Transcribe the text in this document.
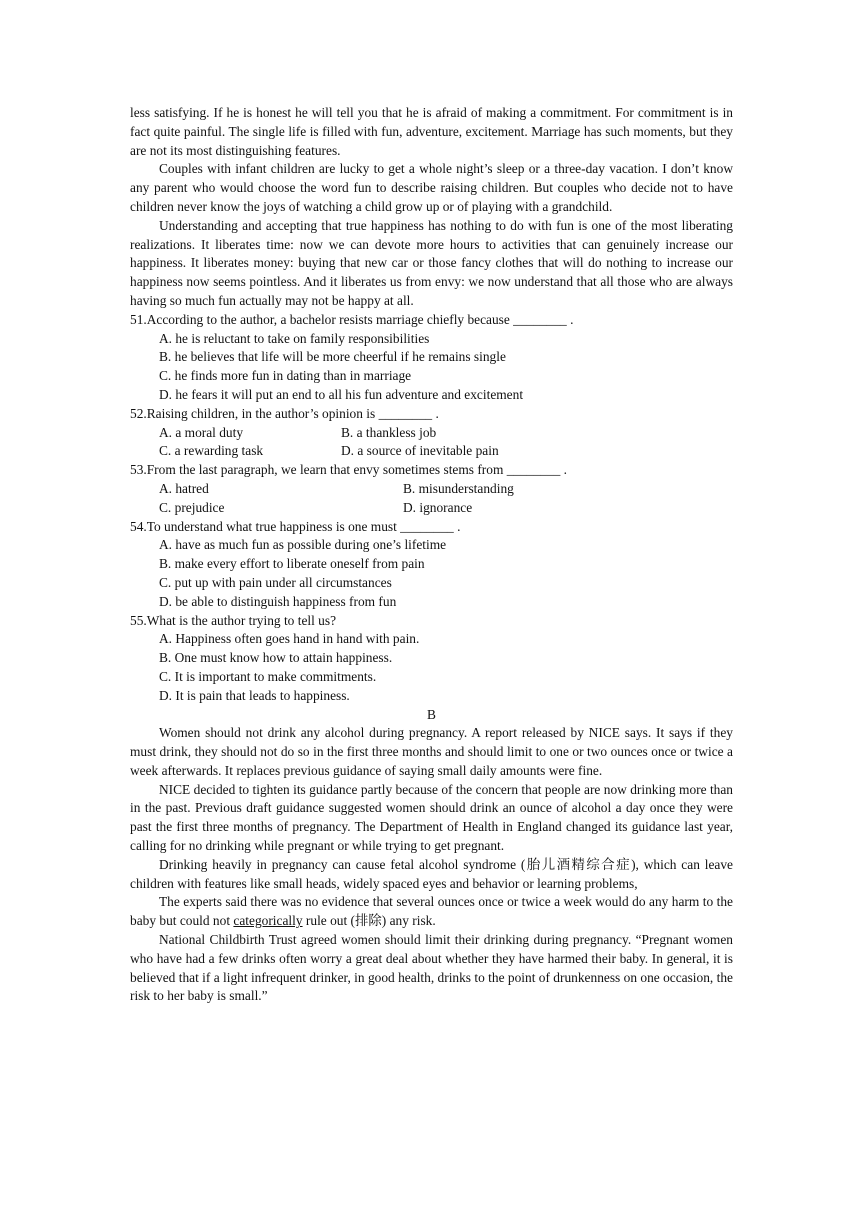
less satisfying. If he is honest he will tell you that he is afraid of making a commitment. For commitment is in fact quite painful. The single life is filled with fun, adventure, excitement. Marriage has such moments, but they are not its most distinguishing features.

Couples with infant children are lucky to get a whole night’s sleep or a three-day vacation. I don’t know any parent who would choose the word fun to describe raising children. But couples who decide not to have children never know the joys of watching a child grow up or of playing with a grandchild.

Understanding and accepting that true happiness has nothing to do with fun is one of the most liberating realizations. It liberates time: now we can devote more hours to activities that can genuinely increase our happiness. It liberates money: buying that new car or those fancy clothes that will do nothing to increase our happiness now seems pointless. And it liberates us from envy: we now understand that all those who are always having so much fun actually may not be happy at all.

51.According to the author, a bachelor resists marriage chiefly because ________ .

A. he is reluctant to take on family responsibilities

B. he believes that life will be more cheerful if he remains single

C. he finds more fun in dating than in marriage

D. he fears it will put an end to all his fun adventure and excitement

52.Raising children, in the author’s opinion is ________ .

A. a moral duty	B. a thankless job
C. a rewarding task	D. a source of inevitable pain

53.From the last paragraph, we learn that envy sometimes stems from ________ .

A. hatred	B. misunderstanding
C. prejudice	D. ignorance

54.To understand what true happiness is one must ________ .

A. have as much fun as possible during one’s lifetime

B. make every effort to liberate oneself from pain

C. put up with pain under all circumstances

D. be able to distinguish happiness from fun

55.What is the author trying to tell us?

A. Happiness often goes hand in hand with pain.

B. One must know how to attain happiness.

C. It is important to make commitments.

D. It is pain that leads to happiness.

B

Women should not drink any alcohol during pregnancy. A report released by NICE says. It says if they must drink, they should not do so in the first three months and should limit to one or two ounces once or twice a week afterwards. It replaces previous guidance of saying small daily amounts were fine.

NICE decided to tighten its guidance partly because of the concern that people are now drinking more than in the past. Previous draft guidance suggested women should drink an ounce of alcohol a day once they were past the first three months of pregnancy. The Department of Health in England changed its guidance last year, calling for no drinking while pregnant or while trying to get pregnant.

Drinking heavily in pregnancy can cause fetal alcohol syndrome (胎儿酒精综合症), which can leave children with features like small heads, widely spaced eyes and behavior or learning problems,

The experts said there was no evidence that several ounces once or twice a week would do any harm to the baby but could not categorically rule out (排除) any risk.

National Childbirth Trust agreed women should limit their drinking during pregnancy. “Pregnant women who have had a few drinks often worry a great deal about whether they have harmed their baby. In general, it is believed that if a light infrequent drinker, in good health, drinks to the point of drunkenness on one occasion, the risk to her baby is small.”
